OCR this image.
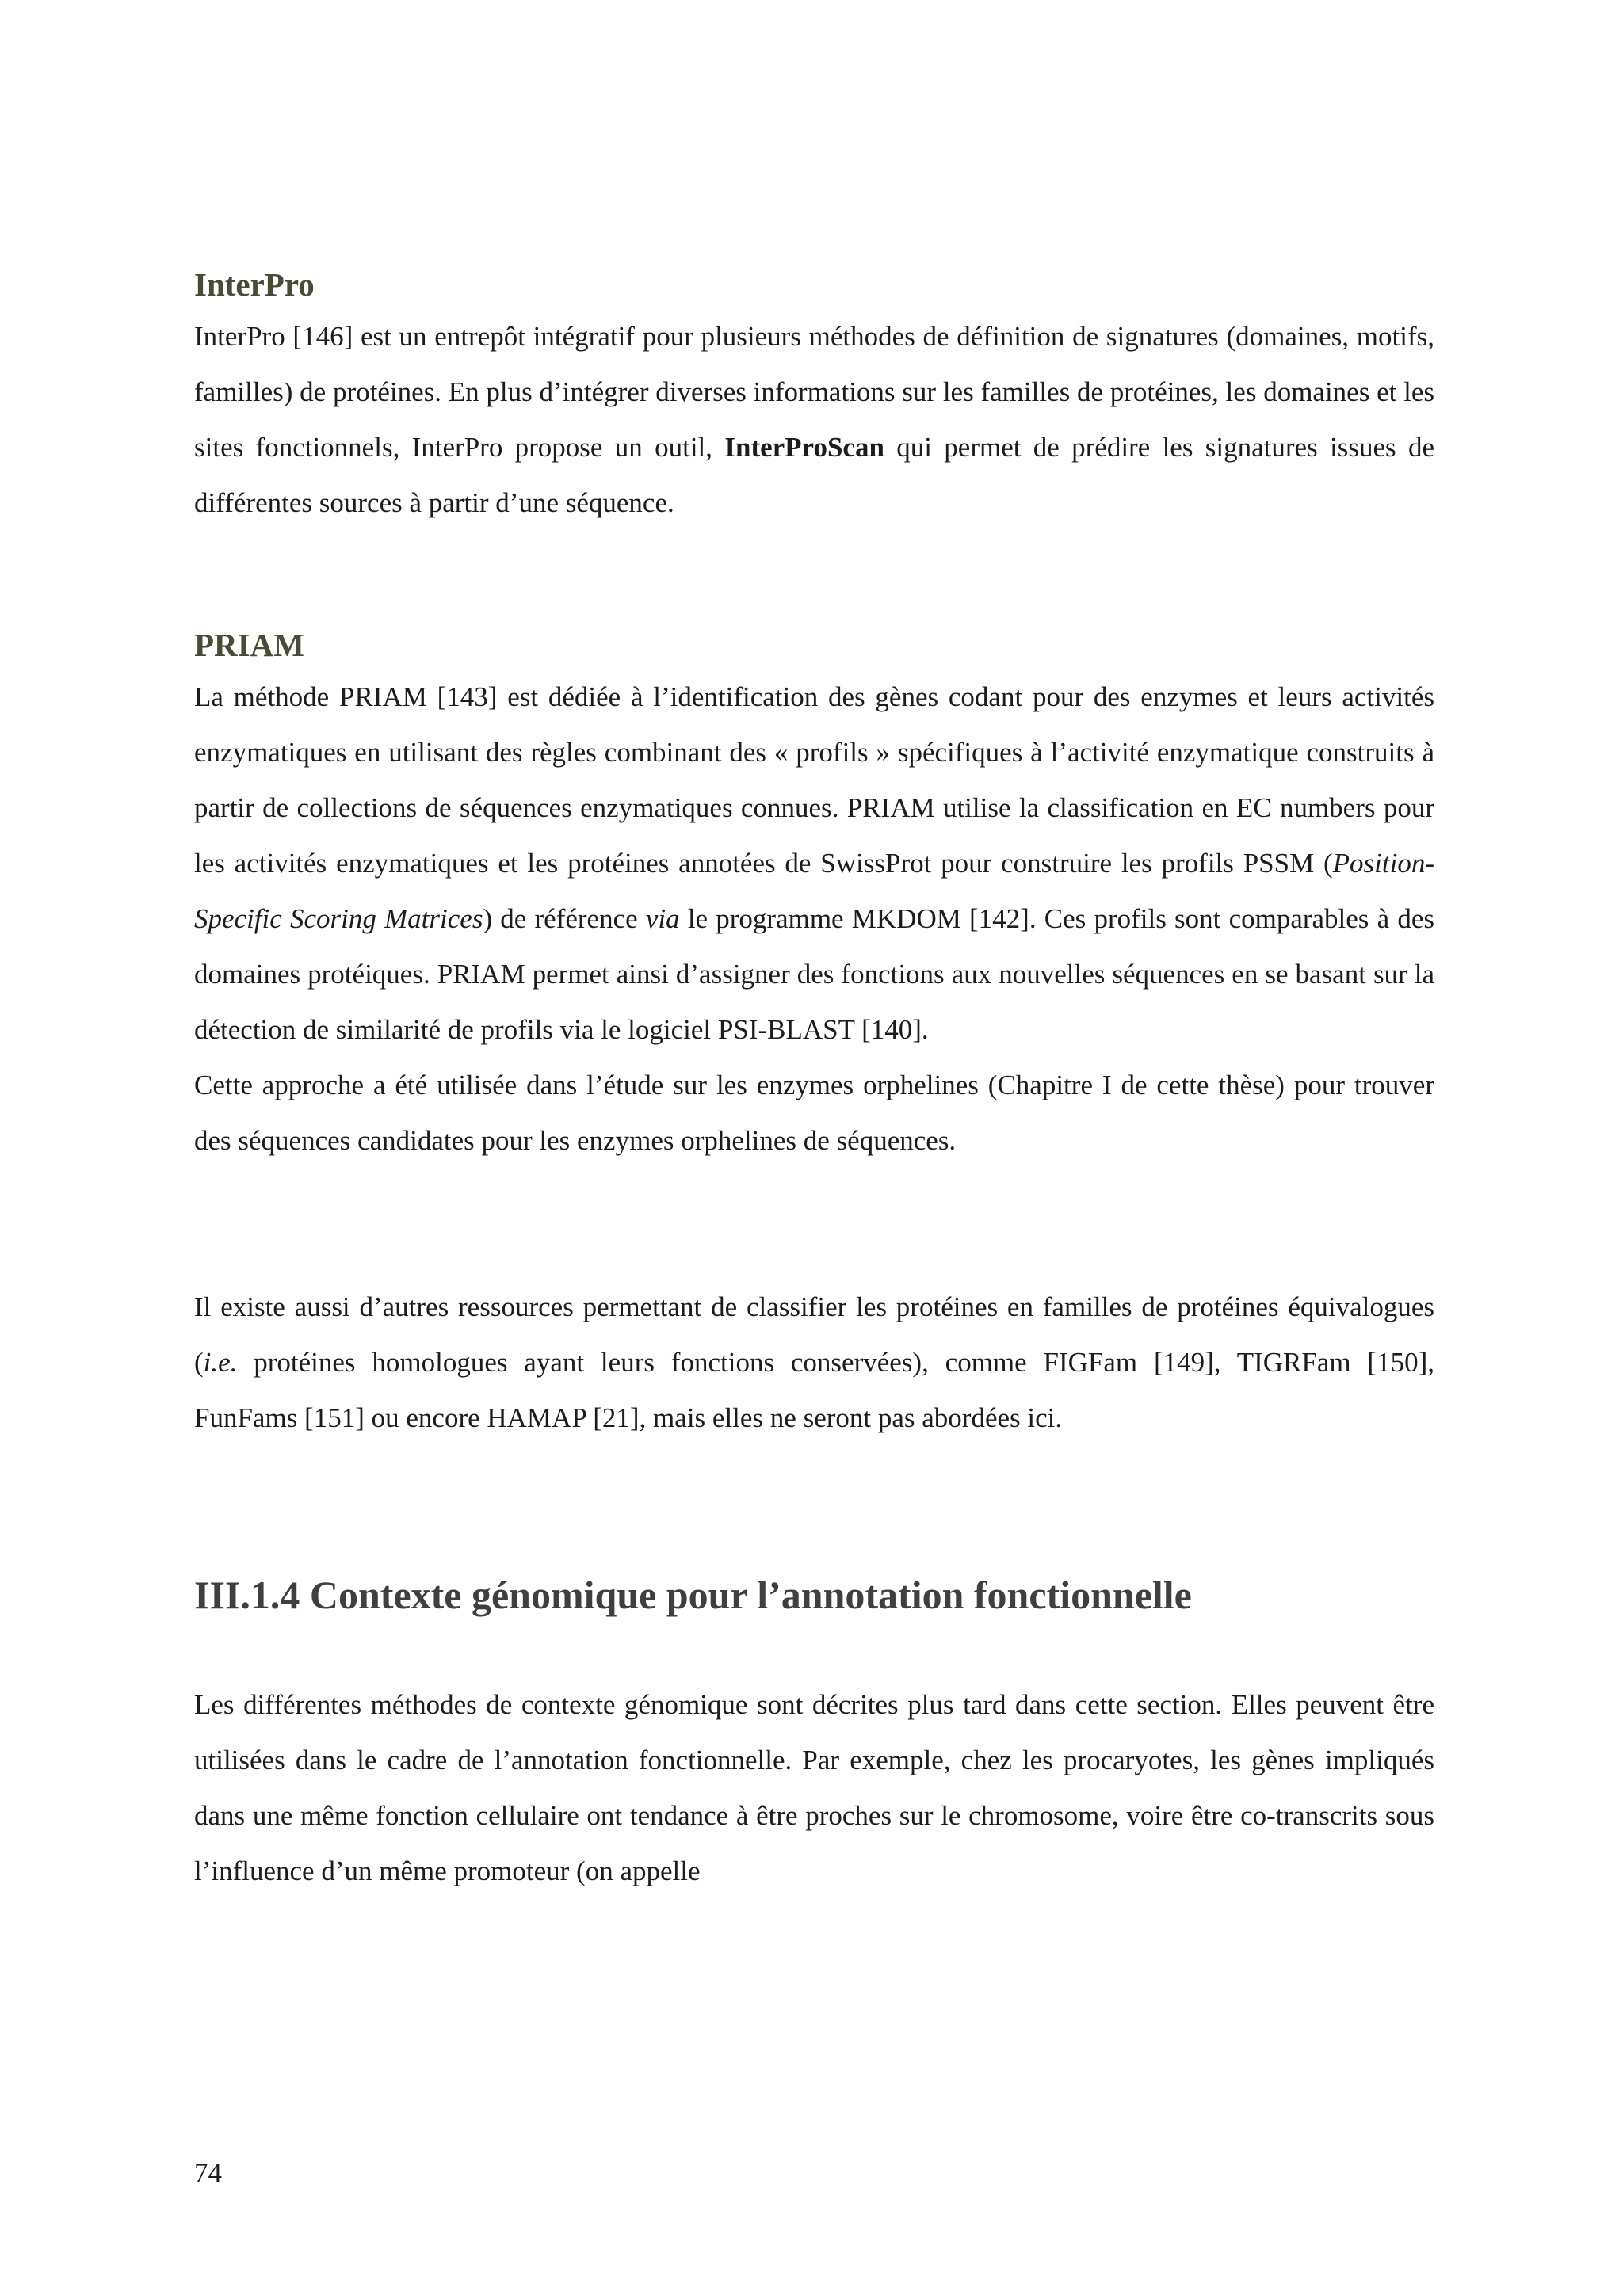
InterPro

InterPro [146] est un entrepôt intégratif pour plusieurs méthodes de définition de signatures (domaines, motifs, familles) de protéines. En plus d’intégrer diverses informations sur les familles de protéines, les domaines et les sites fonctionnels, InterPro propose un outil, InterProScan qui permet de prédire les signatures issues de différentes sources à partir d’une séquence.

PRIAM

La méthode PRIAM [143] est dédiée à l’identification des gènes codant pour des enzymes et leurs activités enzymatiques en utilisant des règles combinant des « profils » spécifiques à l’activité enzymatique construits à partir de collections de séquences enzymatiques connues. PRIAM utilise la classification en EC numbers pour les activités enzymatiques et les protéines annotées de SwissProt pour construire les profils PSSM (Position-Specific Scoring Matrices) de référence via le programme MKDOM [142]. Ces profils sont comparables à des domaines protéiques. PRIAM permet ainsi d’assigner des fonctions aux nouvelles séquences en se basant sur la détection de similarité de profils via le logiciel PSI-BLAST [140].

Cette approche a été utilisée dans l’étude sur les enzymes orphelines (Chapitre I de cette thèse) pour trouver des séquences candidates pour les enzymes orphelines de séquences.

Il existe aussi d’autres ressources permettant de classifier les protéines en familles de protéines équivalogues (i.e. protéines homologues ayant leurs fonctions conservées), comme FIGFam [149], TIGRFam [150], FunFams [151] ou encore HAMAP [21], mais elles ne seront pas abordées ici.

III.1.4 Contexte génomique pour l’annotation fonctionnelle

Les différentes méthodes de contexte génomique sont décrites plus tard dans cette section. Elles peuvent être utilisées dans le cadre de l’annotation fonctionnelle. Par exemple, chez les procaryotes, les gènes impliqués dans une même fonction cellulaire ont tendance à être proches sur le chromosome, voire être co-transcrits sous l’influence d’un même promoteur (on appelle

74
